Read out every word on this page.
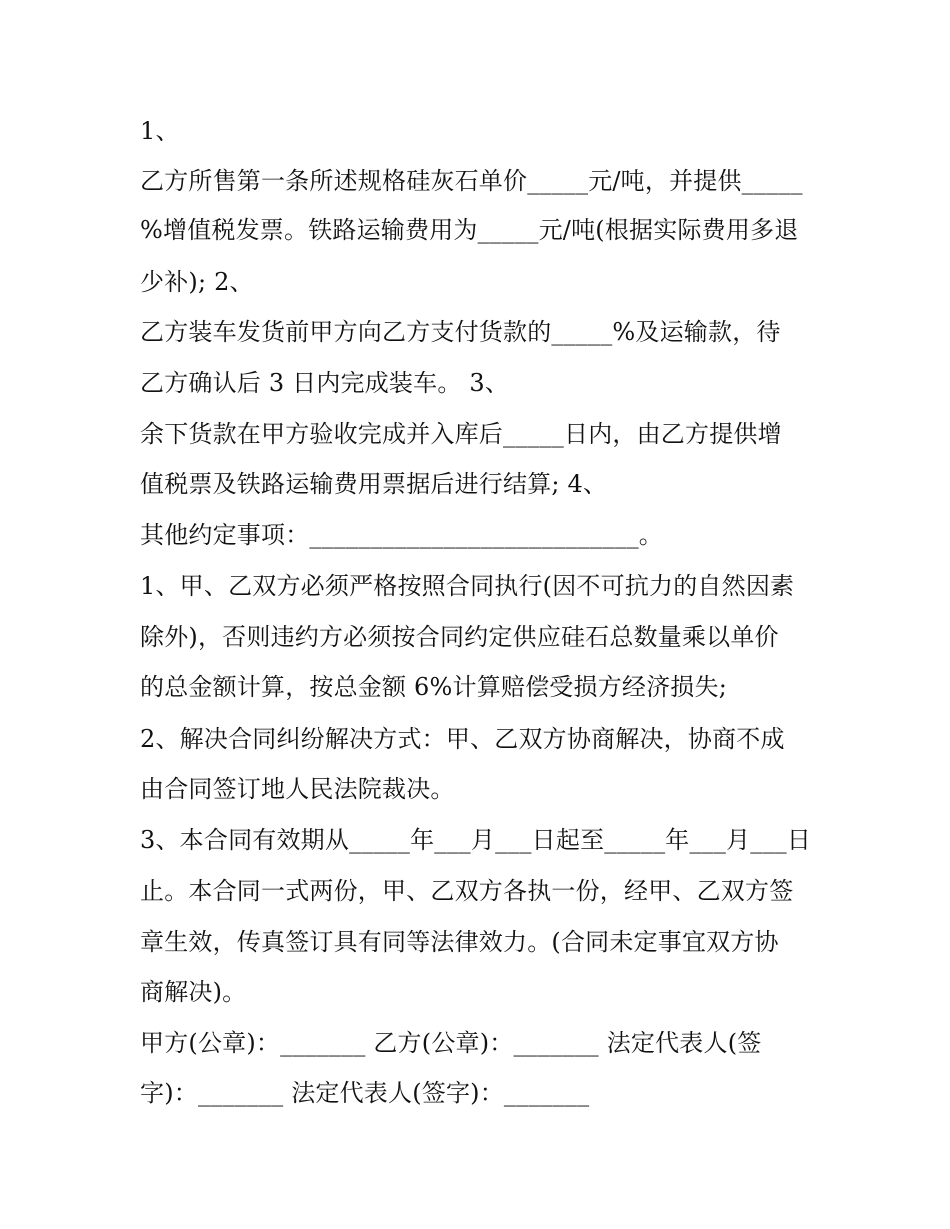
1、
乙方所售第一条所述规格硅灰石单价_____元/吨，并提供_____
%增值税发票。铁路运输费用为_____元/吨(根据实际费用多退
少补); 2、
乙方装车发货前甲方向乙方支付货款的_____%及运输款，待
乙方确认后 3 日内完成装车。 3、
余下货款在甲方验收完成并入库后_____日内，由乙方提供增
值税票及铁路运输费用票据后进行结算; 4、
其他约定事项：___________________________。
1、甲、乙双方必须严格按照合同执行(因不可抗力的自然因素
除外)，否则违约方必须按合同约定供应硅石总数量乘以单价
的总金额计算，按总金额 6%计算赔偿受损方经济损失;
2、解决合同纠纷解决方式：甲、乙双方协商解决，协商不成
由合同签订地人民法院裁决。
3、本合同有效期从_____年___月___日起至_____年___月___日
止。本合同一式两份，甲、乙双方各执一份，经甲、乙双方签
章生效，传真签订具有同等法律效力。(合同未定事宜双方协
商解决)。
甲方(公章)：_______ 乙方(公章)：_______ 法定代表人(签
字)：_______ 法定代表人(签字)：_______
